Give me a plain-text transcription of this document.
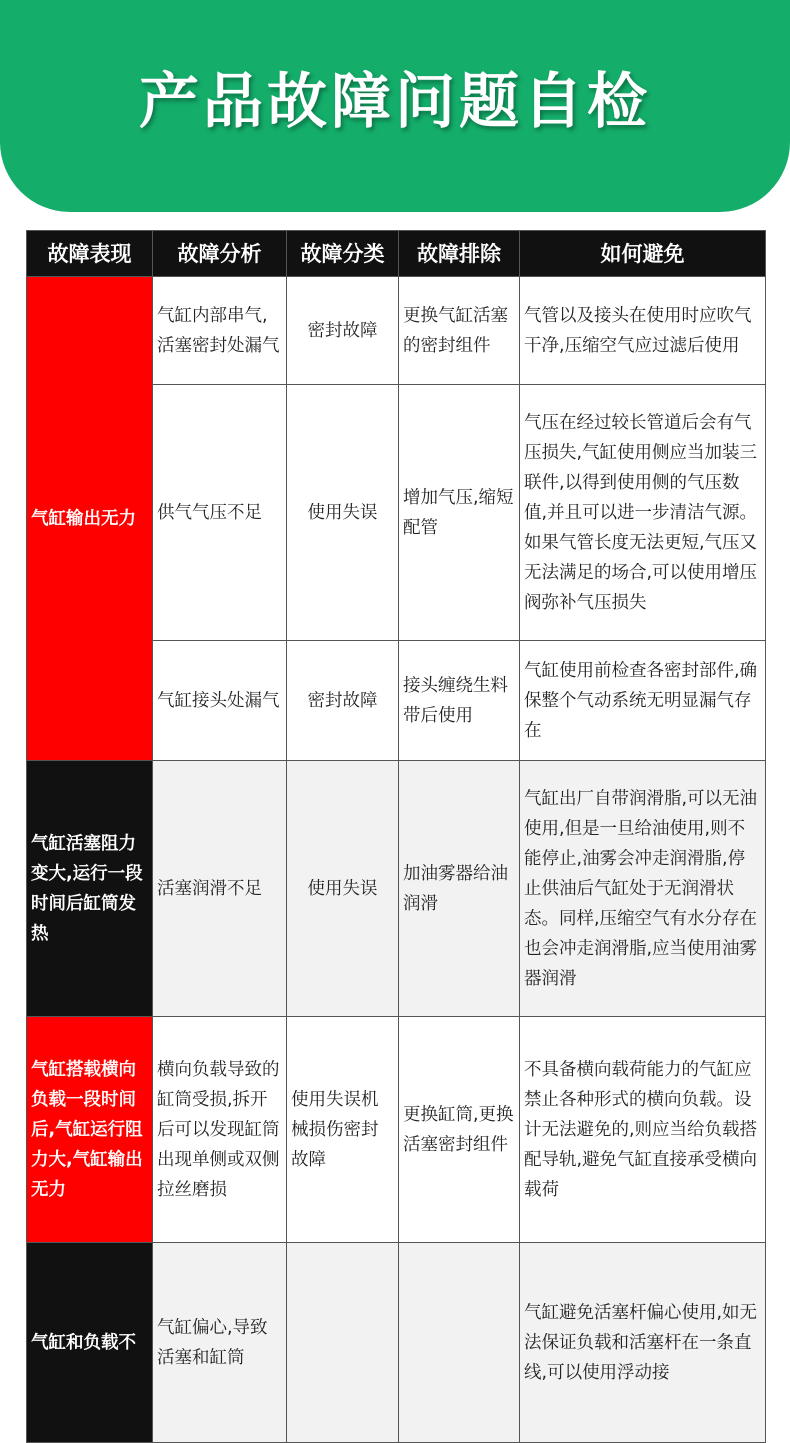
产品故障问题自检
故障表现	故障分析	故障分类	故障排除	如何避免
气缸输出无力	气缸内部串气,活塞密封处漏气	密封故障	更换气缸活塞的密封组件	气管以及接头在使用时应吹气干净,压缩空气应过滤后使用
	供气气压不足	使用失误	增加气压,缩短配管	气压在经过较长管道后会有气压损失,气缸使用侧应当加装三联件,以得到使用侧的气压数值,并且可以进一步清洁气源。如果气管长度无法更短,气压又无法满足的场合,可以使用增压阀弥补气压损失
	气缸接头处漏气	密封故障	接头缠绕生料带后使用	气缸使用前检查各密封部件,确保整个气动系统无明显漏气存在
气缸活塞阻力变大,运行一段时间后缸筒发热	活塞润滑不足	使用失误	加油雾器给油润滑	气缸出厂自带润滑脂,可以无油使用,但是一旦给油使用,则不能停止,油雾会冲走润滑脂,停止供油后气缸处于无润滑状态。同样,压缩空气有水分存在也会冲走润滑脂,应当使用油雾器润滑
气缸搭载横向负载一段时间后,气缸运行阻力大,气缸输出无力	横向负载导致的缸筒受损,拆开后可以发现缸筒出现单侧或双侧拉丝磨损	使用失误机械损伤密封故障	更换缸筒,更换活塞密封组件	不具备横向载荷能力的气缸应禁止各种形式的横向负载。设计无法避免的,则应当给负载搭配导轨,避免气缸直接承受横向载荷
气缸和负载不	气缸偏心,导致活塞和缸筒			气缸避免活塞杆偏心使用,如无法保证负载和活塞杆在一条直线,可以使用浮动接
